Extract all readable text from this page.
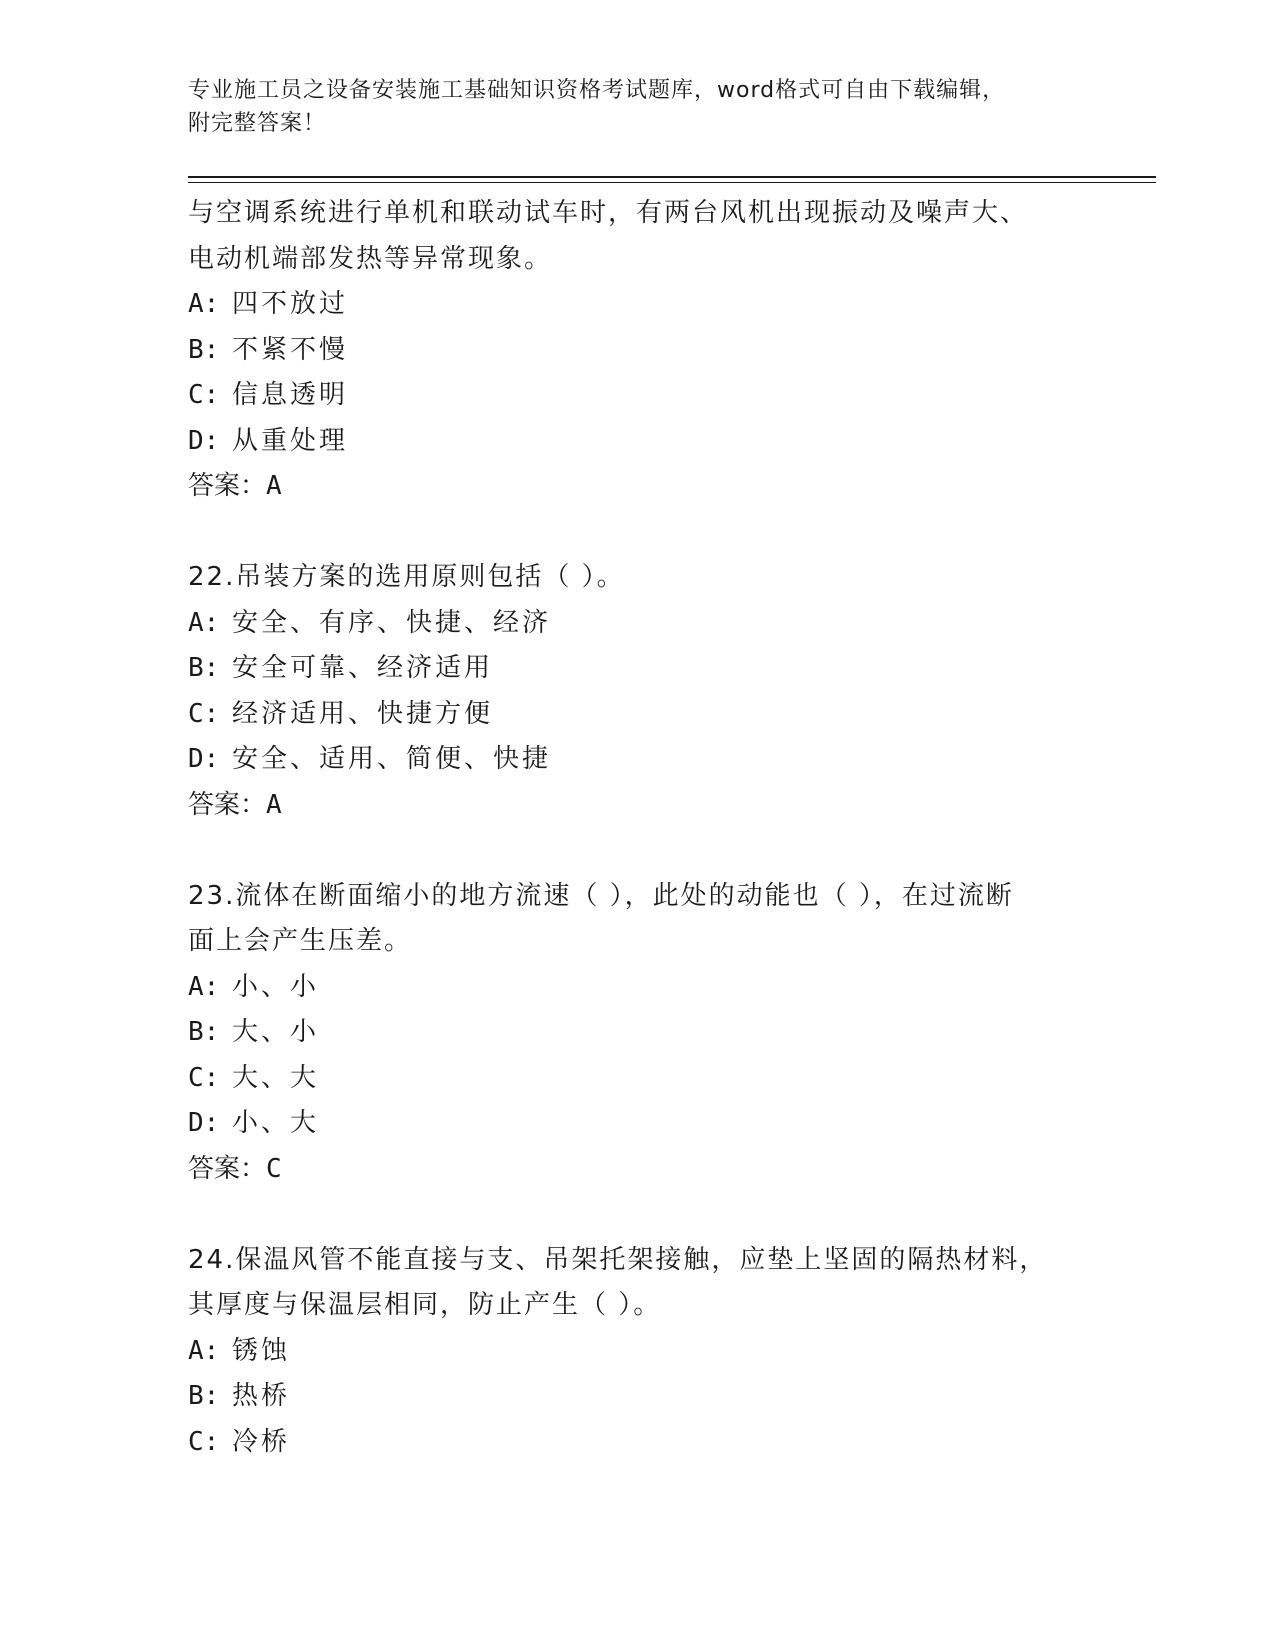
专业施工员之设备安装施工基础知识资格考试题库，word格式可自由下载编辑，
附完整答案！
与空调系统进行单机和联动试车时，有两台风机出现振动及噪声大、
电动机端部发热等异常现象。
A: 四不放过
B: 不紧不慢
C: 信息透明
D: 从重处理
答案：A
22.吊装方案的选用原则包括（ ）。
A: 安全、有序、快捷、经济
B: 安全可靠、经济适用
C: 经济适用、快捷方便
D: 安全、适用、简便、快捷
答案：A
23.流体在断面缩小的地方流速（ ），此处的动能也（ ），在过流断
面上会产生压差。
A: 小、小
B: 大、小
C: 大、大
D: 小、大
答案：C
24.保温风管不能直接与支、吊架托架接触，应垫上坚固的隔热材料，
其厚度与保温层相同，防止产生（ ）。
A: 锈蚀
B: 热桥
C: 冷桥
